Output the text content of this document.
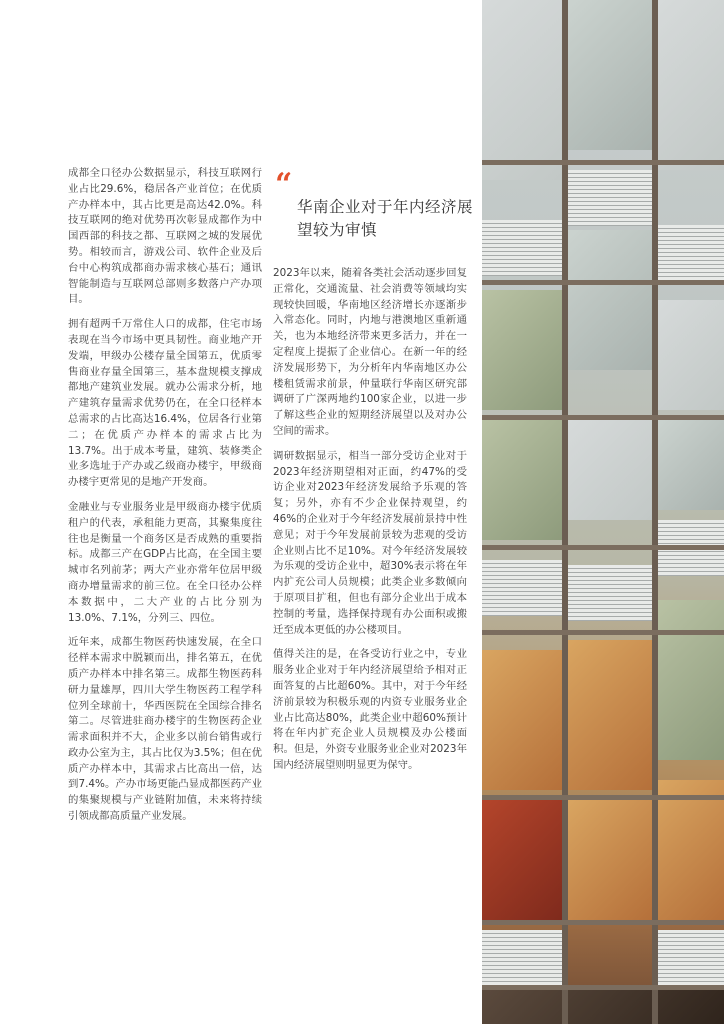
成都全口径办公数据显示，科技互联网行业占比29.6%，稳居各产业首位；在优质产办样本中，其占比更是高达42.0%。科技互联网的绝对优势再次彰显成都作为中国西部的科技之都、互联网之城的发展优势。相较而言，游戏公司、软件企业及后台中心构筑成都商办需求核心基石；通讯智能制造与互联网总部则多数落户产办项目。

拥有超两千万常住人口的成都，住宅市场表现在当今市场中更具韧性。商业地产开发端，甲级办公楼存量全国第五，优质零售商业存量全国第三，基本盘规模支撑成都地产建筑业发展。就办公需求分析，地产建筑存量需求优势仍在，在全口径样本总需求的占比高达16.4%，位居各行业第二；在优质产办样本的需求占比为13.7%。出于成本考量，建筑、装修类企业多选址于产办或乙级商办楼宇，甲级商办楼宇更常见的是地产开发商。

金融业与专业服务业是甲级商办楼宇优质租户的代表，承租能力更高，其聚集度往往也是衡量一个商务区是否成熟的重要指标。成都三产在GDP占比高，在全国主要城市名列前茅；两大产业亦常年位居甲级商办增量需求的前三位。在全口径办公样本数据中，二大产业的占比分别为13.0%、7.1%，分列三、四位。

近年来，成都生物医药快速发展，在全口径样本需求中脱颖而出，排名第五，在优质产办样本中排名第三。成都生物医药科研力量雄厚，四川大学生物医药工程学科位列全球前十，华西医院在全国综合排名第二。尽管进驻商办楼宇的生物医药企业需求面积并不大，企业多以前台销售或行政办公室为主，其占比仅为3.5%；但在优质产办样本中，其需求占比高出一倍，达到7.4%。产办市场更能凸显成都医药产业的集聚规模与产业链附加值，未来将持续引领成都高质量产业发展。

“
华南企业对于年内经济展望较为审慎

2023年以来，随着各类社会活动逐步回复正常化，交通流量、社会消费等领域均实现较快回暖，华南地区经济增长亦逐渐步入常态化。同时，内地与港澳地区重新通关，也为本地经济带来更多活力，并在一定程度上提振了企业信心。在新一年的经济发展形势下，为分析年内华南地区办公楼租赁需求前景，仲量联行华南区研究部调研了广深两地约100家企业，以进一步了解这些企业的短期经济展望以及对办公空间的需求。

调研数据显示，相当一部分受访企业对于2023年经济期望相对正面，约47%的受访企业对2023年经济发展给予乐观的答复；另外，亦有不少企业保持观望，约46%的企业对于今年经济发展前景持中性意见；对于今年发展前景较为悲观的受访企业则占比不足10%。对今年经济发展较为乐观的受访企业中，超30%表示将在年内扩充公司人员规模；此类企业多数倾向于原项目扩租，但也有部分企业出于成本控制的考量，选择保持现有办公面积或搬迁至成本更低的办公楼项目。

值得关注的是，在各受访行业之中，专业服务业企业对于年内经济展望给予相对正面答复的占比超60%。其中，对于今年经济前景较为积极乐观的内资专业服务业企业占比高达80%，此类企业中超60%预计将在年内扩充企业人员规模及办公楼面积。但是，外资专业服务业企业对2023年国内经济展望则明显更为保守。
